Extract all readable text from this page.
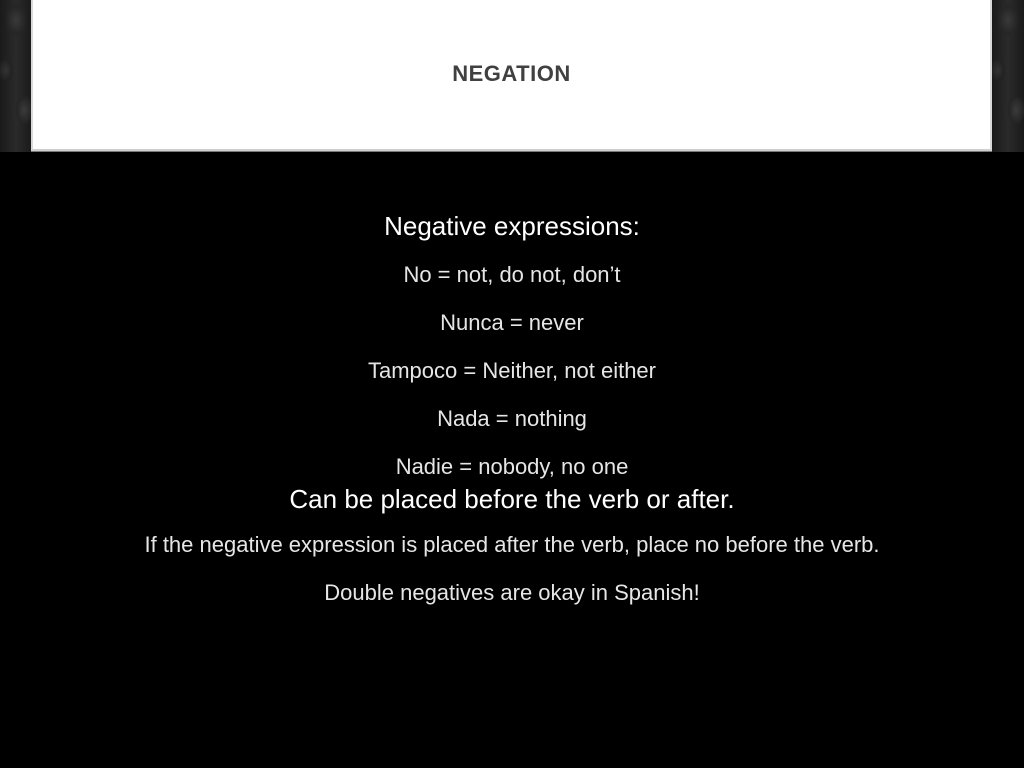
NEGATION
Negative expressions:
No = not, do not, don’t
Nunca = never
Tampoco = Neither, not either
Nada = nothing
Nadie = nobody, no one
Can be placed before the verb or after.
If the negative expression is placed after the verb, place no before the verb.
Double negatives are okay in Spanish!
